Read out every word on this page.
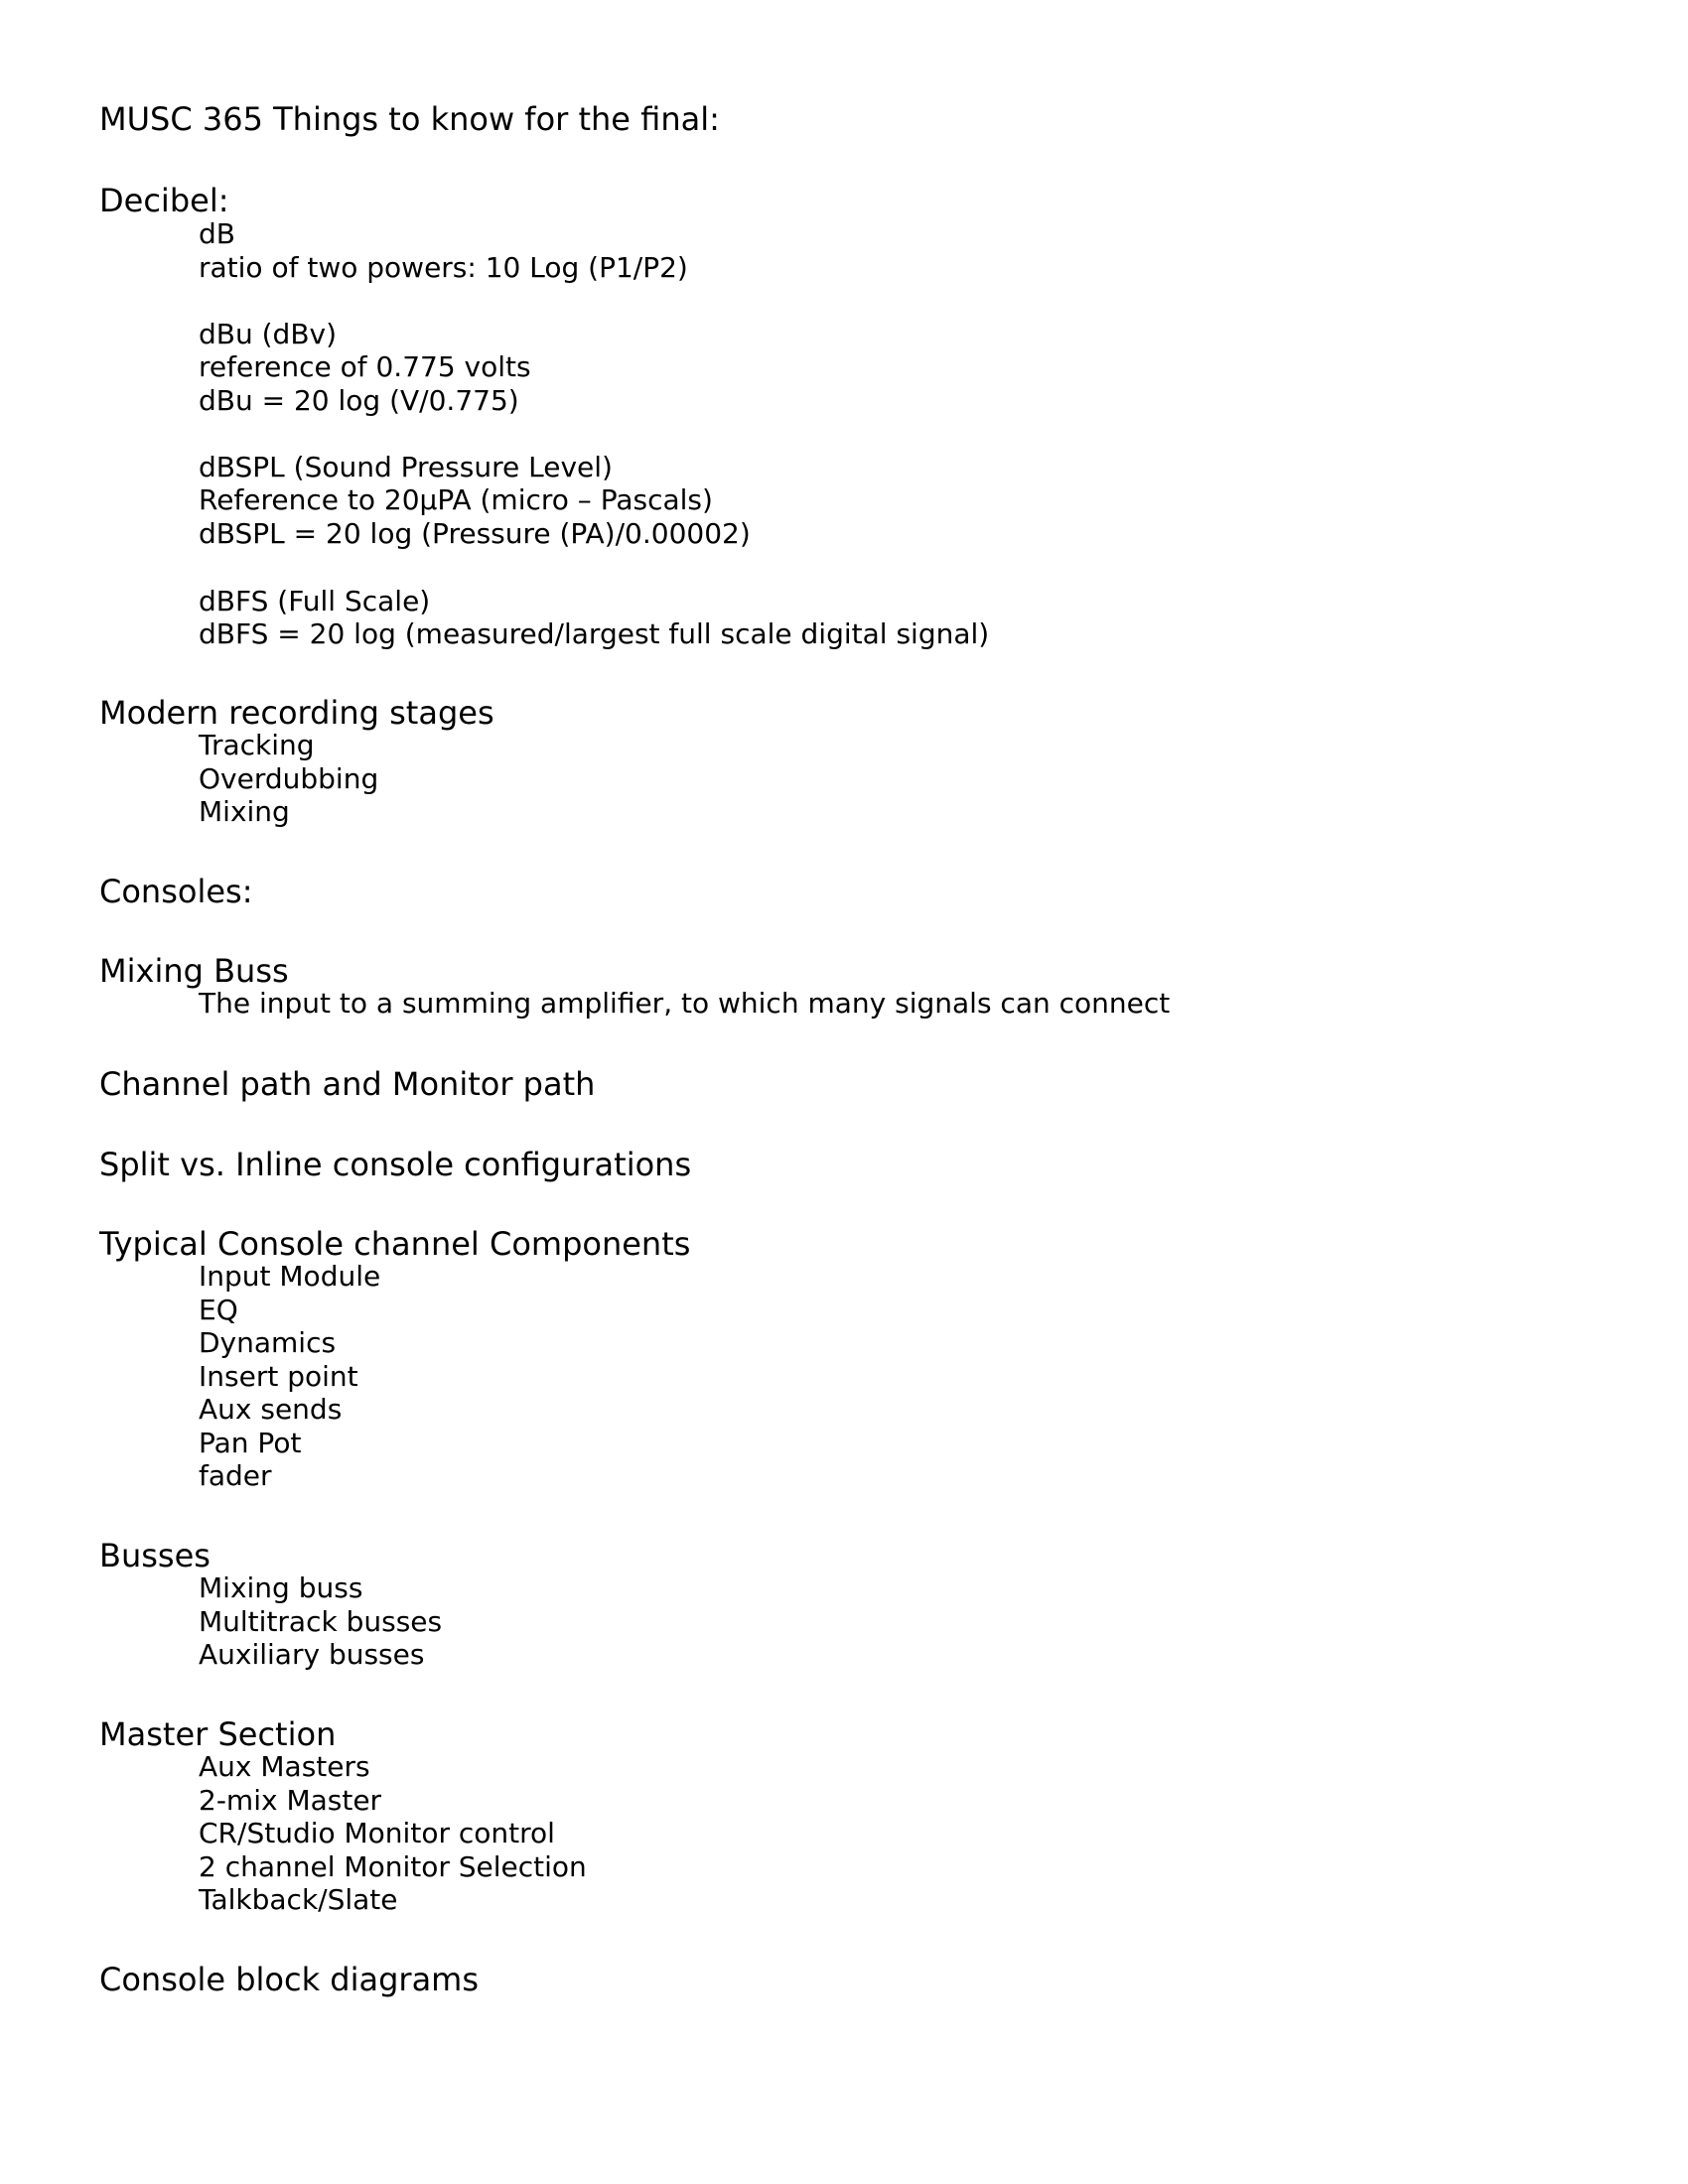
MUSC 365 Things to know for the final:
Decibel:
dB
ratio of two powers: 10 Log (P1/P2)
dBu (dBv)
reference of 0.775 volts
dBu = 20 log (V/0.775)
dBSPL (Sound Pressure Level)
Reference to 20μPA (micro – Pascals)
dBSPL = 20 log (Pressure (PA)/0.00002)
dBFS (Full Scale)
dBFS = 20 log (measured/largest full scale digital signal)
Modern recording stages
Tracking
Overdubbing
Mixing
Consoles:
Mixing Buss
The input to a summing amplifier, to which many signals can connect
Channel path and Monitor path
Split vs. Inline console configurations
Typical Console channel Components
Input Module
EQ
Dynamics
Insert point
Aux sends
Pan Pot
fader
Busses
Mixing buss
Multitrack busses
Auxiliary busses
Master Section
Aux Masters
2-mix Master
CR/Studio Monitor control
2 channel Monitor Selection
Talkback/Slate
Console block diagrams
